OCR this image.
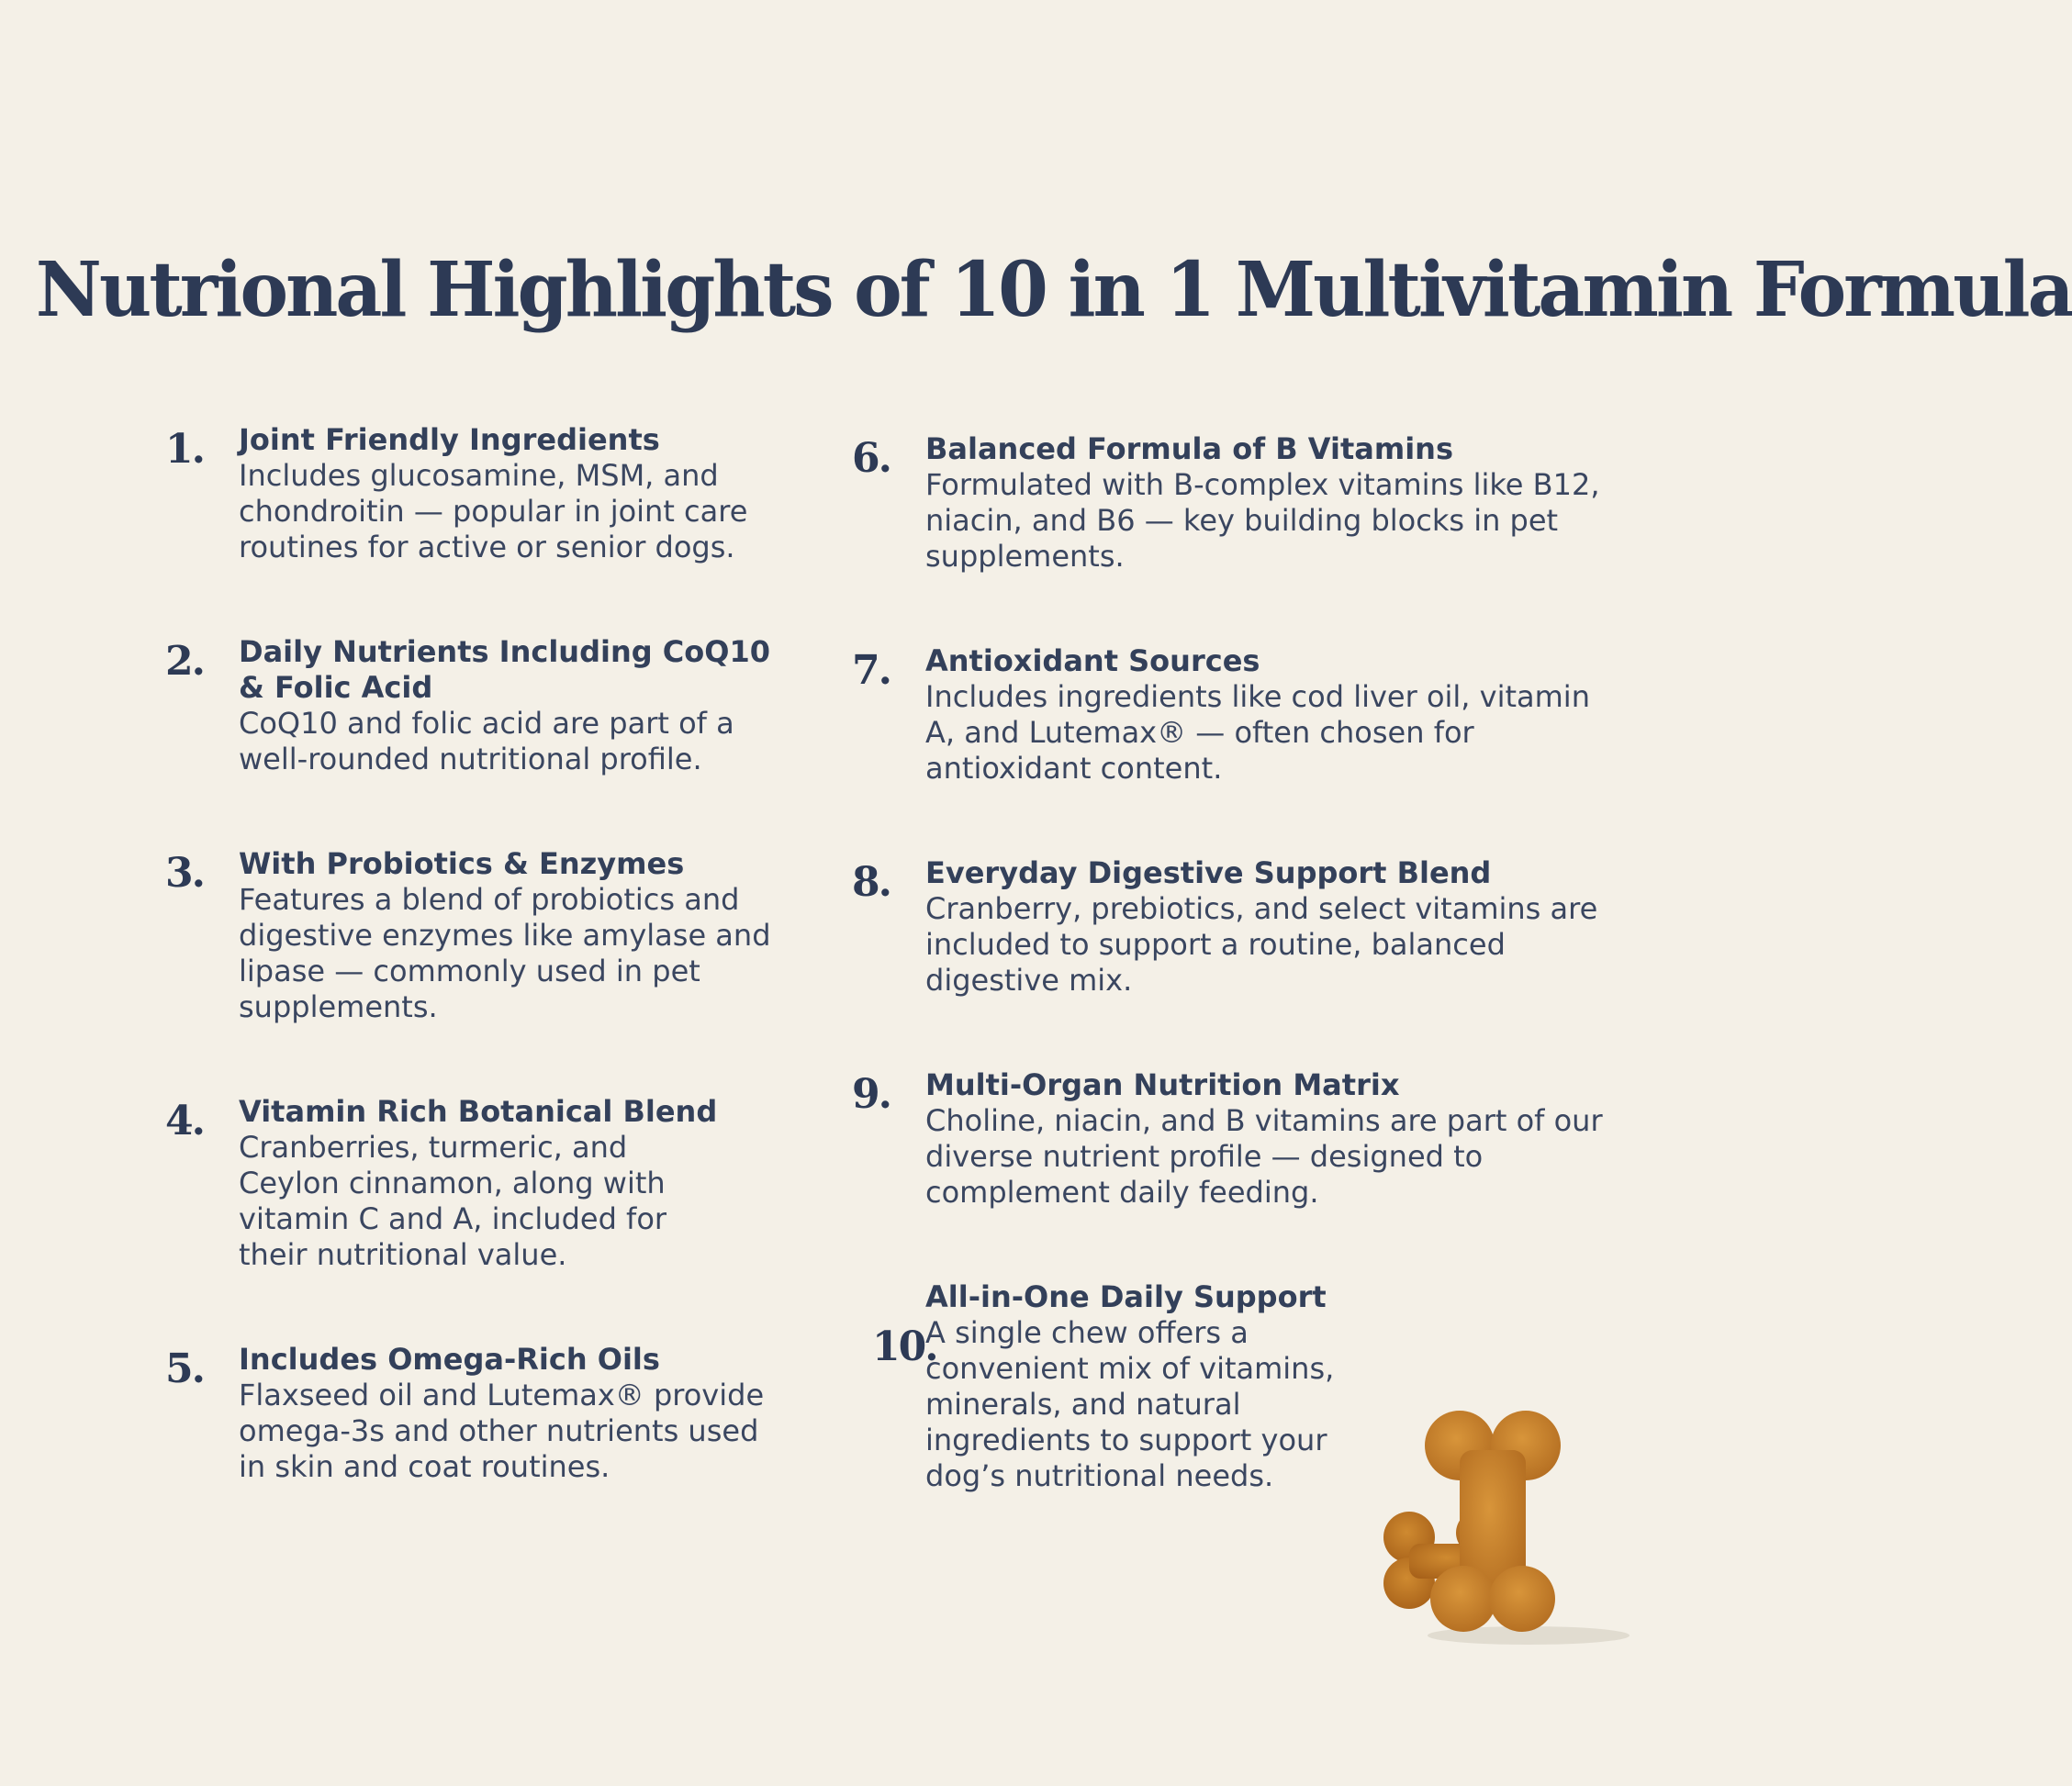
Nutrional Highlights of 10 in 1 Multivitamin Formula
1. Joint Friendly Ingredients

Includes glucosamine, MSM, and chondroitin — popular in joint care routines for active or senior dogs.

2. Daily Nutrients Including CoQ10 & Folic Acid

CoQ10 and folic acid are part of a well-rounded nutritional profile.

3. With Probiotics & Enzymes

Features a blend of probiotics and digestive enzymes like amylase and lipase — commonly used in pet supplements.

4. Vitamin Rich Botanical Blend

Cranberries, turmeric, and Ceylon cinnamon, along with vitamin C and A, included for their nutritional value.

5. Includes Omega-Rich Oils

Flaxseed oil and Lutemax® provide omega-3s and other nutrients used in skin and coat routines.

6. Balanced Formula of B Vitamins

Formulated with B-complex vitamins like B12, niacin, and B6 — key building blocks in pet supplements.

7. Antioxidant Sources

Includes ingredients like cod liver oil, vitamin A, and Lutemax® — often chosen for antioxidant content.

8. Everyday Digestive Support Blend

Cranberry, prebiotics, and select vitamins are included to support a routine, balanced digestive mix.

9. Multi-Organ Nutrition Matrix

Choline, niacin, and B vitamins are part of our diverse nutrient profile — designed to complement daily feeding.

10.

All-in-One Daily Support

A single chew offers a convenient mix of vitamins, minerals, and natural ingredients to support your dog’s nutritional needs.
